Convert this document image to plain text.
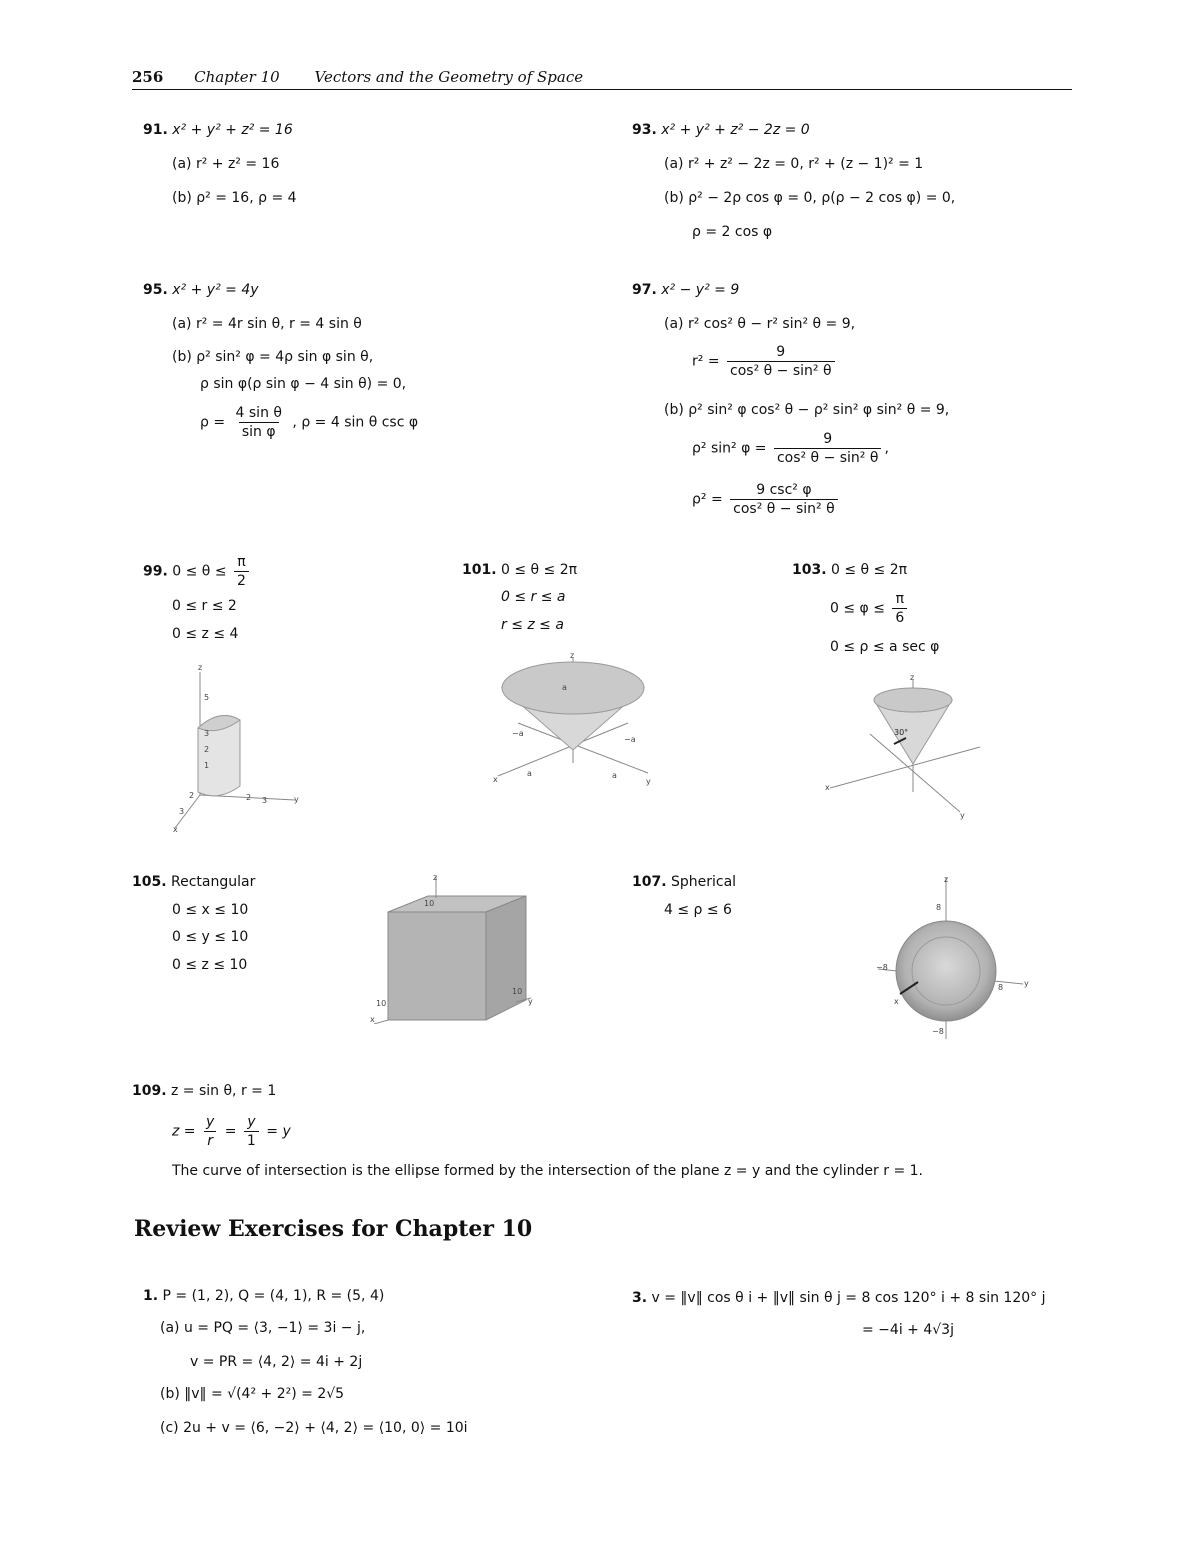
256 Chapter 10 Vectors and the Geometry of Space
91. x² + y² + z² = 16
(a) r² + z² = 16
(b) ρ² = 16, ρ = 4
93. x² + y² + z² − 2z = 0
(a) r² + z² − 2z = 0, r² + (z − 1)² = 1
(b) ρ² − 2ρ cos φ = 0, ρ(ρ − 2 cos φ) = 0,
ρ = 2 cos φ
95. x² + y² = 4y
(a) r² = 4r sin θ, r = 4 sin θ
(b) ρ² sin² φ = 4ρ sin φ sin θ,
ρ sin φ(ρ sin φ − 4 sin θ) = 0,
$\rho = \frac{\text{4 sin θ}}{\text{sin φ}}$ , ρ = 4 sin θ csc φ
97. x² − y² = 9
(a) r² cos² θ − r² sin² θ = 9,
$r^2 = \frac{9}{\text{cos² θ − sin² θ}}$
(b) ρ² sin² φ cos² θ − ρ² sin² φ sin² θ = 9,
ρ² sin² $\varphi = \frac{9}{\text{cos² θ − sin² θ}}$ ,
$\rho^2 = \frac{\text{9 csc² φ}}{\text{cos² θ − sin² θ}}$
99. $0 \le \theta \le \frac{\pi}{2}$
0 ≤ r ≤ 2
0 ≤ z ≤ 4
z
5
3
2
1
3
2	2 3
x
y
101. 0 ≤ θ ≤ 2π
0 ≤ r ≤ a
r ≤ z ≤ a
z
a
−a
−a
a	a
x	y
103. 0 ≤ θ ≤ 2π
$0 \le \varphi \le \frac{\pi}{6}$
0 ≤ ρ ≤ a sec φ
z
30°
x
y
105. Rectangular
0 ≤ x ≤ 10
0 ≤ y ≤ 10
0 ≤ z ≤ 10
z
10
10
10
x
y
107. Spherical
4 ≤ ρ ≤ 6
z
8
−8
8
−8
x
y
109. z = sin θ, r = 1
$z = \frac{y}{r} = \frac{y}{1} = y$
The curve of intersection is the ellipse formed by the intersection of the plane z = y and the cylinder r = 1.
Review Exercises for Chapter 10
1. P = (1, 2), Q = (4, 1), R = (5, 4)
(a) u = PQ = ⟨3, −1⟩ = 3i − j,
v = PR = ⟨4, 2⟩ = 4i + 2j
(b) ‖v‖ = √(4² + 2²) = 2√5
(c) 2u + v = ⟨6, −2⟩ + ⟨4, 2⟩ = ⟨10, 0⟩ = 10i
3. v = ‖v‖ cos θ i + ‖v‖ sin θ j = 8 cos 120° i + 8 sin 120° j
= −4i + 4√3j
